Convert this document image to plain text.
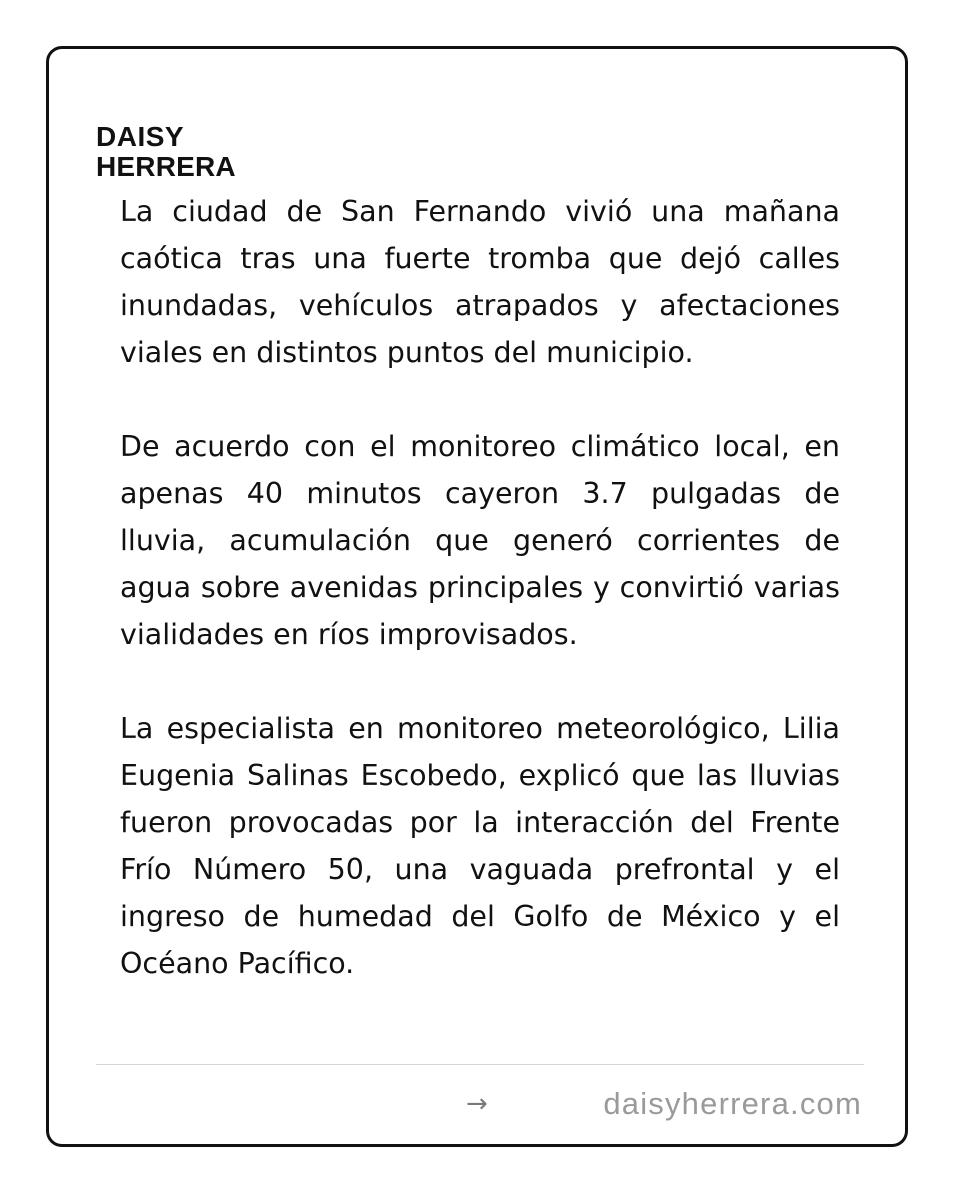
DAISY
HERRERA

La ciudad de San Fernando vivió una mañana caótica tras una fuerte tromba que dejó calles inundadas, vehículos atrapados y afectaciones viales en distintos puntos del municipio.

De acuerdo con el monitoreo climático local, en apenas 40 minutos cayeron 3.7 pulgadas de lluvia, acumulación que generó corrientes de agua sobre avenidas principales y convirtió varias vialidades en ríos improvisados.

La especialista en monitoreo meteorológico, Lilia Eugenia Salinas Escobedo, explicó que las lluvias fueron provocadas por la interacción del Frente Frío Número 50, una vaguada prefrontal y el ingreso de humedad del Golfo de México y el Océano Pacífico.

→	daisyherrera.com
